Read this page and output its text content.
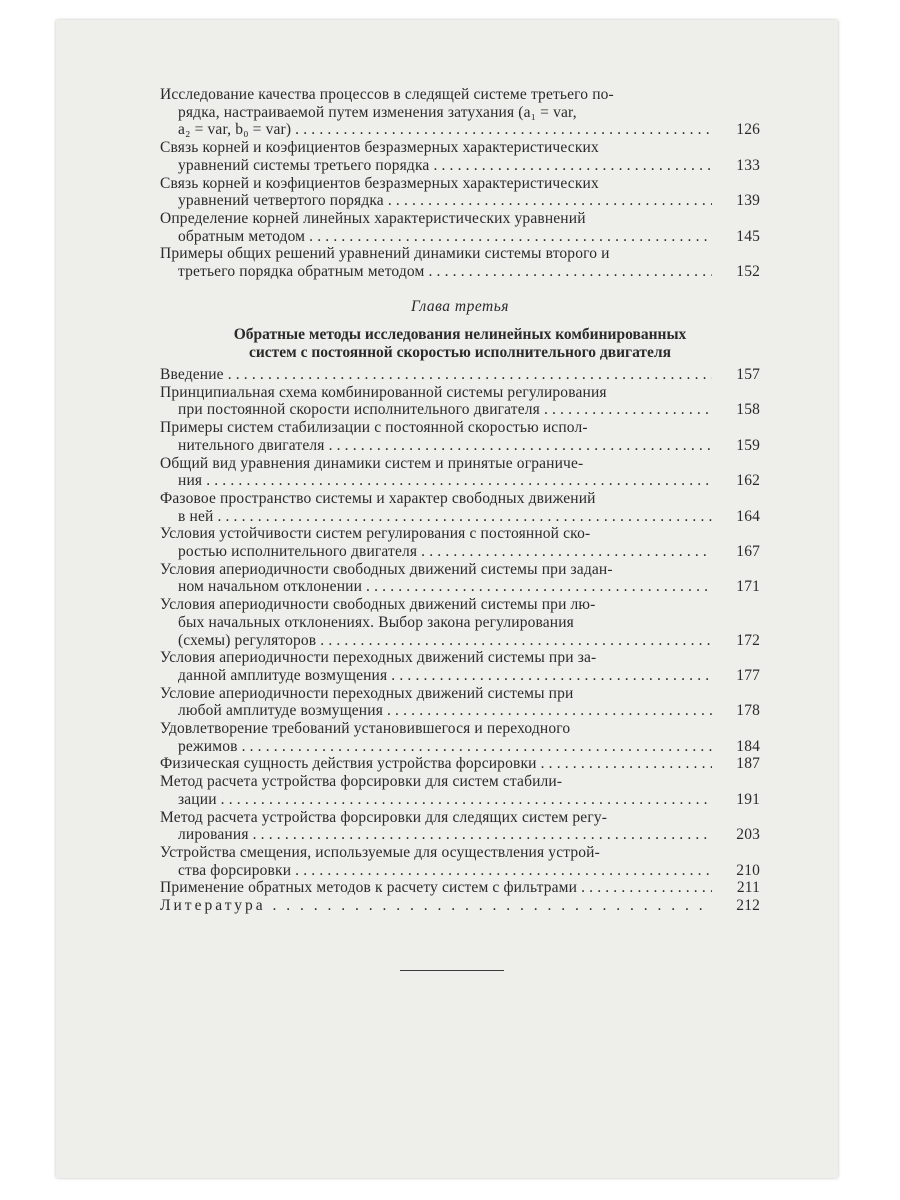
Исследование качества процессов в следящей системе третьего по-
рядка, настраиваемой путем изменения затухания (a₁ = var,
a₂ = var, b₀ = var) . . .	126
Связь корней и коэфициентов безразмерных характеристических
уравнений системы третьего порядка . . .	133
Связь корней и коэфициентов безразмерных характеристических
уравнений четвертого порядка . . .	139
Определение корней линейных характеристических уравнений
обратным методом . . .	145
Примеры общих решений уравнений динамики системы второго и
третьего порядка обратным методом . . .	152
Глава третья
Обратные методы исследования нелинейных комбинированных
систем с постоянной скоростью исполнительного двигателя
Введение . . .	157
Принципиальная схема комбинированной системы регулирования
при постоянной скорости исполнительного двигателя . . .	158
Примеры систем стабилизации с постоянной скоростью испол-
нительного двигателя . . .	159
Общий вид уравнения динамики систем и принятые ограниче-
ния . . .	162
Фазовое пространство системы и характер свободных движений
в ней . . .	164
Условия устойчивости систем регулирования с постоянной ско-
ростью исполнительного двигателя . . .	167
Условия апериодичности свободных движений системы при задан-
ном начальном отклонении . . .	171
Условия апериодичности свободных движений системы при лю-
бых начальных отклонениях. Выбор закона регулирования
(схемы) регуляторов . . .	172
Условия апериодичности переходных движений системы при за-
данной амплитуде возмущения . . .	177
Условие апериодичности переходных движений системы при
любой амплитуде возмущения . . .	178
Удовлетворение требований установившегося и переходного
режимов . . .	184
Физическая сущность действия устройства форсировки . . .	187
Метод расчета устройства форсировки для систем стабили-
зации . . .	191
Метод расчета устройства форсировки для следящих систем регу-
лирования . . .	203
Устройства смещения, используемые для осуществления устрой-
ства форсировки . . .	210
Применение обратных методов к расчету систем с фильтрами . . .	211
Литература . . .	212
